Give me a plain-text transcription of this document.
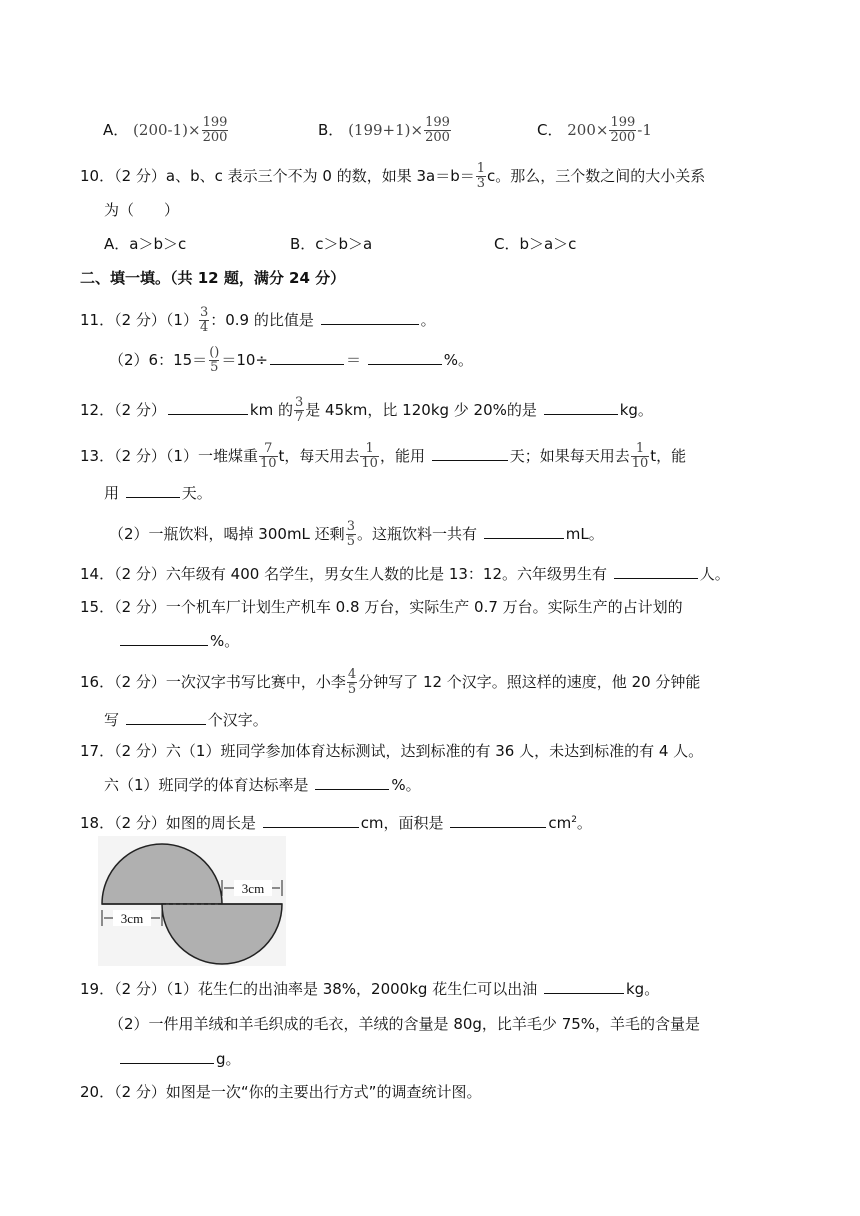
A． $(200-1)\times \frac{199}{200}$	B． $(199+1)\times \frac{199}{200}$	C． $200\times \frac{199}{200} -1$
10．（2 分）a、b、c 表示三个不为 0 的数，如果 $3a=b= \frac{1}{3}$ c。那么，三个数之间的大小关系
为（　　）
A．a＞b＞c	B．c＞b＞a	C．b＞a＞c
二、填一填。（共 12 题，满分 24 分）
11．（2 分）$(1) \frac{3}{4}$ ：0.9 的比值是	。
（2）6：$15= \frac{()}{5} =10\div$	＝	%。
12．（2 分）	km 的 $\frac{3}{7}$ 是 45km，比 120kg 少 20%的是	kg。
13．（2 分）（1）一堆煤重 $\frac{7}{10}$ t，每天用去 $\frac{1}{10}$ ，能用	天；如果每天用去 $\frac{1}{10}$ t，能
用	天。
（2）一瓶饮料，喝掉 300mL 还剩 $\frac{3}{5}$ 。这瓶饮料一共有	mL。
14．（2 分）六年级有 400 名学生，男女生人数的比是 13：12。六年级男生有	人。
15．（2 分）一个机车厂计划生产机车 0.8 万台，实际生产 0.7 万台。实际生产的占计划的
%。
16．（2 分）一次汉字书写比赛中，小李 $\frac{4}{5}$ 分钟写了 12 个汉字。照这样的速度，他 20 分钟能
写	个汉字。
17．（2 分）六（1）班同学参加体育达标测试，达到标准的有 36 人，未达到标准的有 4 人。
六（1）班同学的体育达标率是	%。
18．（2 分）如图的周长是	cm，面积是	$cm^2$。
3cm
3cm
19．（2 分）（1）花生仁的出油率是 38%，2000kg 花生仁可以出油	kg。
（2）一件用羊绒和羊毛织成的毛衣，羊绒的含量是 80g，比羊毛少 75%，羊毛的含量是
g。
20．（2 分）如图是一次“你的主要出行方式”的调查统计图。
